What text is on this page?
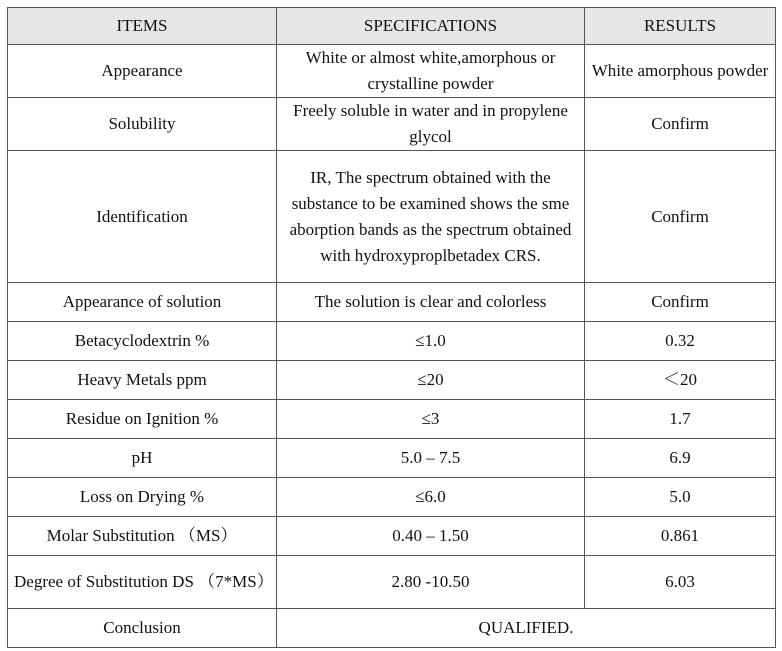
ITEMS	SPECIFICATIONS	RESULTS
Appearance	White or almost white,amorphous or crystalline powder	White amorphous powder
Solubility	Freely soluble in water and in propylene glycol	Confirm
Identification	IR, The spectrum obtained with the substance to be examined shows the sme aborption bands as the spectrum obtained with hydroxyproplbetadex CRS.	Confirm
Appearance of solution	The solution is clear and colorless	Confirm
Betacyclodextrin %	≤1.0	0.32
Heavy Metals ppm	≤20	＜20
Residue on Ignition %	≤3	1.7
pH	5.0 – 7.5	6.9
Loss on Drying %	≤6.0	5.0
Molar Substitution （MS）	0.40 – 1.50	0.861
Degree of Substitution DS （7*MS）	2.80 -10.50	6.03
Conclusion	QUALIFIED.	
